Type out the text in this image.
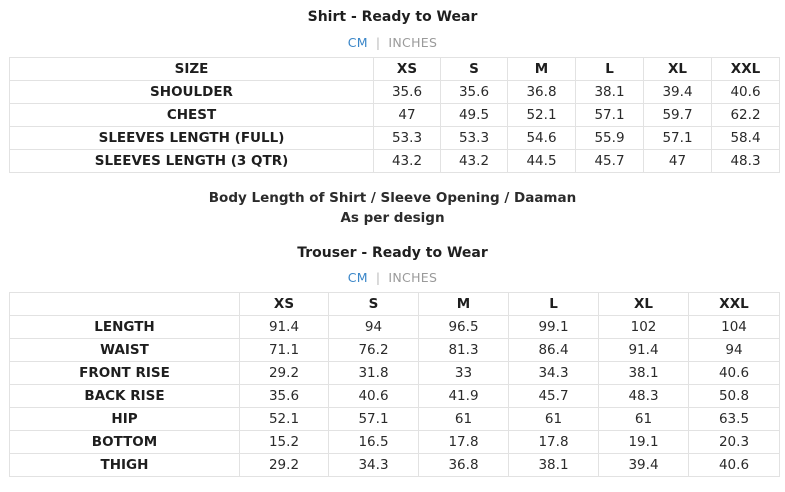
Shirt - Ready to Wear
CM | INCHES
SIZE	XS	S	M	L	XL	XXL
SHOULDER	35.6	35.6	36.8	38.1	39.4	40.6
CHEST	47	49.5	52.1	57.1	59.7	62.2
SLEEVES LENGTH (FULL)	53.3	53.3	54.6	55.9	57.1	58.4
SLEEVES LENGTH (3 QTR)	43.2	43.2	44.5	45.7	47	48.3
Body Length of Shirt / Sleeve Opening / Daaman
As per design
Trouser - Ready to Wear
CM | INCHES
	XS	S	M	L	XL	XXL
LENGTH	91.4	94	96.5	99.1	102	104
WAIST	71.1	76.2	81.3	86.4	91.4	94
FRONT RISE	29.2	31.8	33	34.3	38.1	40.6
BACK RISE	35.6	40.6	41.9	45.7	48.3	50.8
HIP	52.1	57.1	61	61	61	63.5
BOTTOM	15.2	16.5	17.8	17.8	19.1	20.3
THIGH	29.2	34.3	36.8	38.1	39.4	40.6
